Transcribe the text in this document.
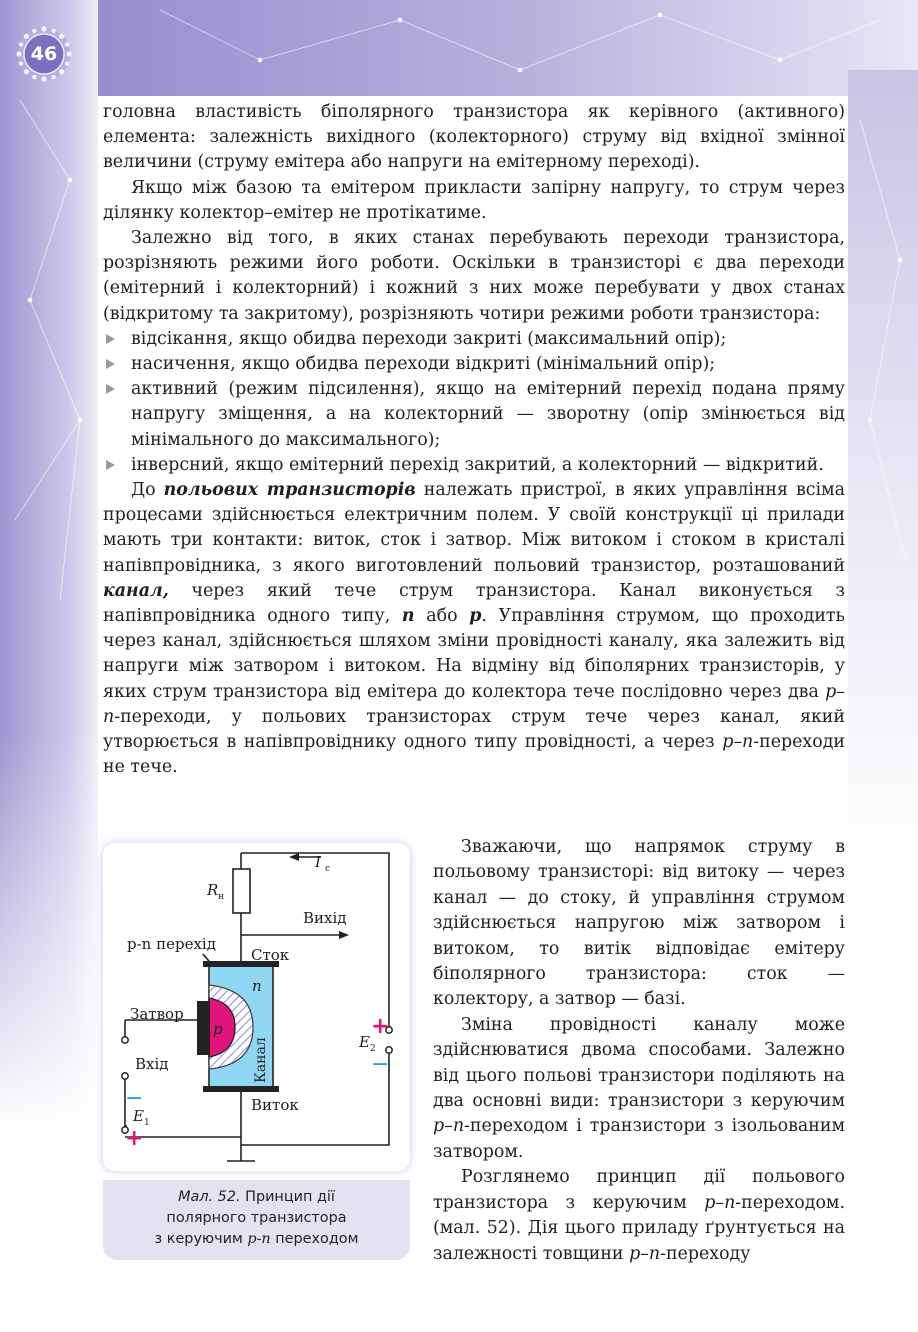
46

головна властивість біполярного транзистора як керівного (активного) елемента: залежність вихідного (колекторного) струму від вхідної змінної величини (струму емітера або напруги на емітерному переході).

Якщо між базою та емітером прикласти запірну напругу, то струм через ділянку колектор–емітер не протікатиме.

Залежно від того, в яких станах перебувають переходи транзистора, розрізняють режими його роботи. Оскільки в транзисторі є два переходи (емітерний і колекторний) і кожний з них може перебувати у двох станах (відкритому та закритому), розрізняють чотири режими роботи транзистора:

відсікання, якщо обидва переходи закриті (максимальний опір);
насичення, якщо обидва переходи відкриті (мінімальний опір);
активний (режим підсилення), якщо на емітерний перехід подана пряму напругу зміщення, а на колекторний — зворотну (опір змінюється від мінімального до максимального);
інверсний, якщо емітерний перехід закритий, а колекторний — відкритий.

До польових транзисторів належать пристрої, в яких управління всіма процесами здійснюється електричним полем. У своїй конструкції ці прилади мають три контакти: виток, сток і затвор. Між витоком і стоком в кристалі напівпровідника, з якого виготовлений польовий транзистор, розташований канал, через який тече струм транзистора. Канал виконується з напівпровідника одного типу, n або p. Управління струмом, що проходить через канал, здійснюється шляхом зміни провідності каналу, яка залежить від напруги між затвором і витоком. На відміну від біполярних транзисторів, у яких струм транзистора від емітера до колектора тече послідовно через два p–n-переходи, у польових транзисторах струм тече через канал, який утворюється в напівпровіднику одного типу провідності, а через p–n-переходи не тече.

Зважаючи, що напрямок струму в польовому транзисторі: від витоку — через канал — до стоку, й управління струмом здійснюється напругою між затвором і витоком, то витік відповідає емітеру біполярного транзистора: сток — колектору, а затвор — базі.

Зміна провідності каналу може здійснюватися двома способами. Залежно від цього польові транзистори поділяють на два основні види: транзистори з керуючим p–n-переходом і транзистори з ізольованим затвором.

Розглянемо принцип дії польового транзистора з керуючим p–n-переходом. (мал. 52). Дія цього приладу ґрунтується на залежності товщини p–n-переходу

I с
R н
Вихід
p-n перехід
Сток
n
Затвор
p
Канал
Вхід
Виток
E 1
E 2
−
+
+
−
Мал. 52. Принцип дії
полярного транзистора
з керуючим p-n переходом
